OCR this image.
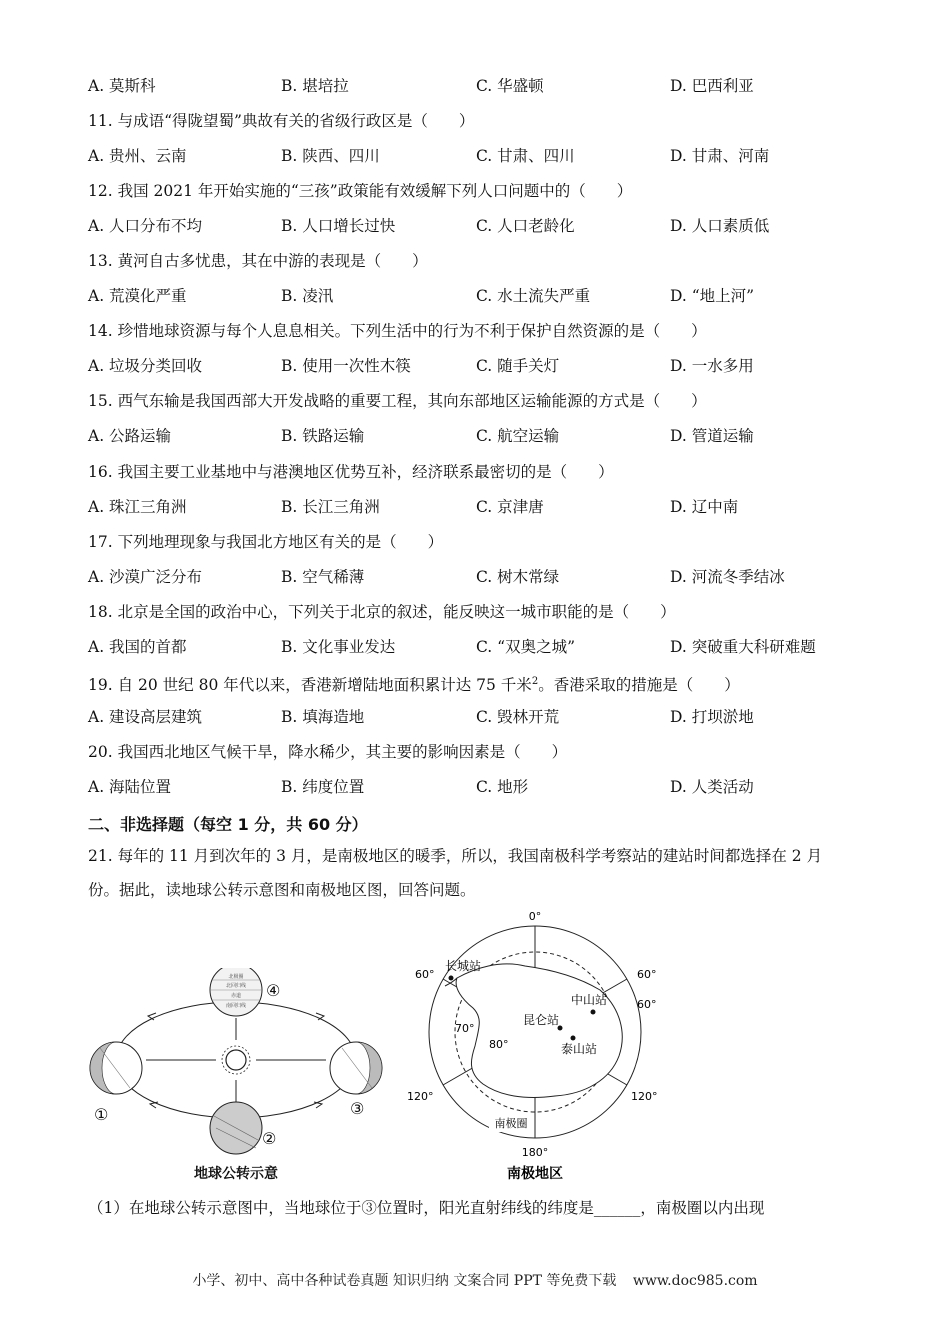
A. 莫斯科	B. 堪培拉	C. 华盛顿	D. 巴西利亚
11. 与成语“得陇望蜀”典故有关的省级行政区是（　　）
A. 贵州、云南	B. 陕西、四川	C. 甘肃、四川	D. 甘肃、河南
12. 我国 2021 年开始实施的“三孩”政策能有效缓解下列人口问题中的（　　）
A. 人口分布不均	B. 人口增长过快	C. 人口老龄化	D. 人口素质低
13. 黄河自古多忧患，其在中游的表现是（　　）
A. 荒漠化严重	B. 凌汛	C. 水土流失严重	D. “地上河”
14. 珍惜地球资源与每个人息息相关。下列生活中的行为不利于保护自然资源的是（　　）
A. 垃圾分类回收	B. 使用一次性木筷	C. 随手关灯	D. 一水多用
15. 西气东输是我国西部大开发战略的重要工程，其向东部地区运输能源的方式是（　　）
A. 公路运输	B. 铁路运输	C. 航空运输	D. 管道运输
16. 我国主要工业基地中与港澳地区优势互补，经济联系最密切的是（　　）
A. 珠江三角洲	B. 长江三角洲	C. 京津唐	D. 辽中南
17. 下列地理现象与我国北方地区有关的是（　　）
A. 沙漠广泛分布	B. 空气稀薄	C. 树木常绿	D. 河流冬季结冰
18. 北京是全国的政治中心，下列关于北京的叙述，能反映这一城市职能的是（　　）
A. 我国的首都	B. 文化事业发达	C. “双奥之城”	D. 突破重大科研难题
19. 自 20 世纪 80 年代以来，香港新增陆地面积累计达 75 千米$^2$。香港采取的措施是（　　）
A. 建设高层建筑	B. 填海造地	C. 毁林开荒	D. 打坝淤地
20. 我国西北地区气候干旱，降水稀少，其主要的影响因素是（　　）
A. 海陆位置	B. 纬度位置	C. 地形	D. 人类活动
二、非选择题（每空 1 分，共 60 分）
21. 每年的 11 月到次年的 3 月，是南极地区的暖季，所以，我国南极科学考察站的建站时间都选择在 2 月
份。据此，读地球公转示意图和南极地区图，回答问题。
北极圈
北回归线
赤道
南回归线
①
②
③
④
地球公转示意
0°
60°	60°
60°
70°
80°
120°	120°
180°
长城站
中山站
昆仑站
泰山站
南极圈
南极地区
（1）在地球公转示意图中，当地球位于③位置时，阳光直射纬线的纬度是______，南极圈以内出现
小学、初中、高中各种试卷真题 知识归纳 文案合同 PPT 等免费下载 www.doc985.com
